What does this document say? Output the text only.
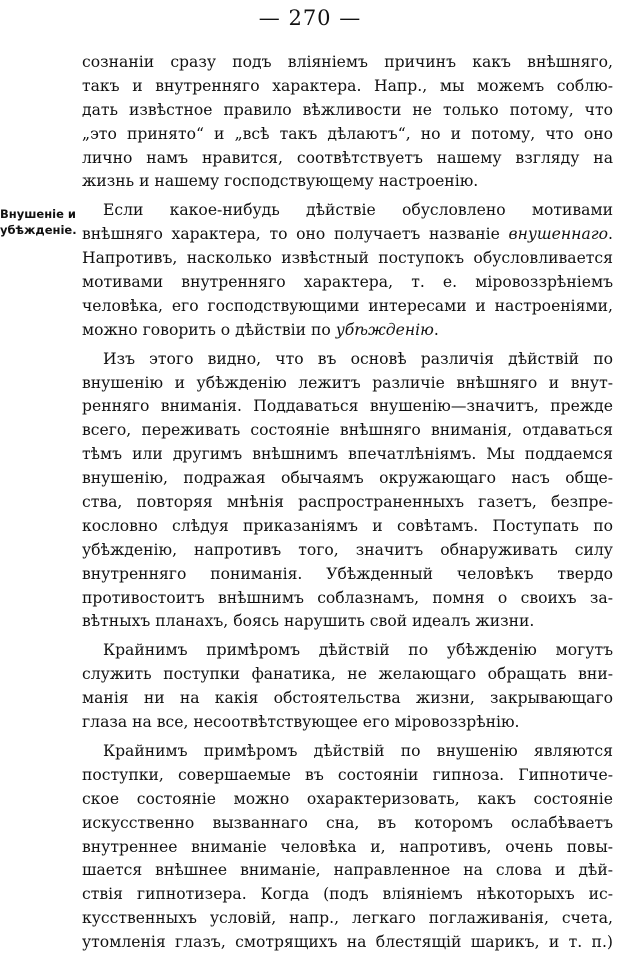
— 270 —
Внушенiе и
убѣжденiе.
сознанiи сразу подъ влiянiемъ причинъ какъ внѣшняго,
такъ и внутренняго характера. Напр., мы можемъ соблю-
дать извѣстное правило вѣжливости не только потому, что
„это принято“ и „всѣ такъ дѣлаютъ“, но и потому, что оно
лично намъ нравится, соотвѣтствуетъ нашему взгляду на
жизнь и нашему господствующему настроенiю.
Если какое-нибудь дѣйствiе обусловлено мотивами
внѣшняго характера, то оно получаетъ названiе внушеннаго.
Напротивъ, насколько извѣстный поступокъ обусловливается
мотивами внутренняго характера, т. е. мiровоззрѣнiемъ
человѣка, его господствующими интересами и настроенiями,
можно говорить о дѣйствiи по убѣжденiю.
Изъ этого видно, что въ основѣ различiя дѣйствiй по
внушенiю и убѣжденiю лежитъ различiе внѣшняго и внут-
ренняго вниманiя. Поддаваться внушенiю—значитъ, прежде
всего, переживать состоянiе внѣшняго вниманiя, отдаваться
тѣмъ или другимъ внѣшнимъ впечатлѣнiямъ. Мы поддаемся
внушенiю, подражая обычаямъ окружающаго насъ обще-
ства, повторяя мнѣнiя распространенныхъ газетъ, безпре-
кословно слѣдуя приказанiямъ и совѣтамъ. Поступать по
убѣжденiю, напротивъ того, значитъ обнаруживать силу
внутренняго пониманiя. Убѣжденный человѣкъ твердо
противостоитъ внѣшнимъ соблазнамъ, помня о своихъ за-
вѣтныхъ планахъ, боясь нарушить свой идеалъ жизни.
Крайнимъ примѣромъ дѣйствiй по убѣжденiю могутъ
служить поступки фанатика, не желающаго обращать вни-
манiя ни на какiя обстоятельства жизни, закрывающаго
глаза на все, несоотвѣтствующее его мiровоззрѣнiю.
Крайнимъ примѣромъ дѣйствiй по внушенiю являются
поступки, совершаемые въ состоянiи гипноза. Гипнотиче-
ское состоянiе можно охарактеризовать, какъ состоянiе
искусственно вызваннаго сна, въ которомъ ослабѣваетъ
внутреннее вниманiе человѣка и, напротивъ, очень повы-
шается внѣшнее вниманiе, направленное на слова и дѣй-
ствiя гипнотизера. Когда (подъ влiянiемъ нѣкоторыхъ ис-
кусственныхъ условiй, напр., легкаго поглаживанiя, счета,
утомленiя глазъ, смотрящихъ на блестящiй шарикъ, и т. п.)
